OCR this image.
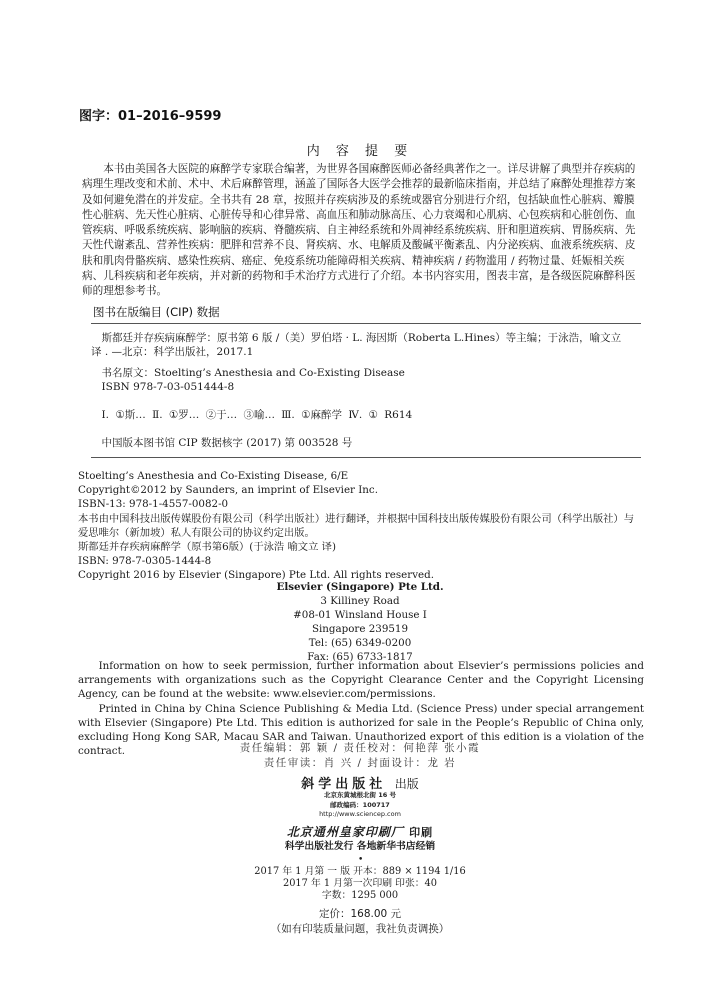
图字：01–2016–9599
内 容 提 要

本书由美国各大医院的麻醉学专家联合编著，为世界各国麻醉医师必备经典著作之一。详尽讲解了典型并存疾病的病理生理改变和术前、术中、术后麻醉管理，涵盖了国际各大医学会推荐的最新临床指南，并总结了麻醉处理推荐方案及如何避免潜在的并发症。全书共有 28 章，按照并存疾病涉及的系统或器官分别进行介绍，包括缺血性心脏病、瓣膜性心脏病、先天性心脏病、心脏传导和心律异常、高血压和肺动脉高压、心力衰竭和心肌病、心包疾病和心脏创伤、血管疾病、呼吸系统疾病、影响脑的疾病、脊髓疾病、自主神经系统和外周神经系统疾病、肝和胆道疾病、胃肠疾病、先天性代谢紊乱、营养性疾病：肥胖和营养不良、肾疾病、水、电解质及酸碱平衡紊乱、内分泌疾病、血液系统疾病、皮肤和肌肉骨骼疾病、感染性疾病、癌症、免疫系统功能障碍相关疾病、精神疾病 / 药物滥用 / 药物过量、妊娠相关疾病、儿科疾病和老年疾病，并对新的药物和手术治疗方式进行了介绍。本书内容实用，图表丰富，是各级医院麻醉科医师的理想参考书。

图书在版编目 (CIP) 数据
斯都廷并存疾病麻醉学：原书第 6 版 /（美）罗伯塔 · L. 海因斯（Roberta L.Hines）等主编；于泳浩，喻文立
译 . —北京：科学出版社，2017.1
书名原文：Stoelting’s Anesthesia and Co-Existing Disease
ISBN 978-7-03-051444-8
Ⅰ. ①斯… Ⅱ. ①罗… ②于… ③喻… Ⅲ. ①麻醉学 Ⅳ. ① R614
中国版本图书馆 CIP 数据核字 (2017) 第 003528 号
Stoelting’s Anesthesia and Co-Existing Disease, 6/E
Copyright©2012 by Saunders, an imprint of Elsevier Inc.
ISBN-13: 978-1-4557-0082-0
本书由中国科技出版传媒股份有限公司（科学出版社）进行翻译，并根据中国科技出版传媒股份有限公司（科学出版社）与
爱思唯尔（新加坡）私人有限公司的协议约定出版。
斯都廷并存疾病麻醉学（原书第6版）(于泳浩 喻文立 译)
ISBN: 978-7-0305-1444-8
Copyright 2016 by Elsevier (Singapore) Pte Ltd. All rights reserved.
Elsevier (Singapore) Pte Ltd.
3 Killiney Road
#08-01 Winsland House I
Singapore 239519
Tel: (65) 6349-0200
Fax: (65) 6733-1817

Information on how to seek permission, further information about Elsevier’s permissions policies and arrangements with organizations such as the Copyright Clearance Center and the Copyright Licensing Agency, can be found at the website: www.elsevier.com/permissions.

Printed in China by China Science Publishing & Media Ltd. (Science Press) under special arrangement with Elsevier (Singapore) Pte Ltd. This edition is authorized for sale in the People’s Republic of China only, excluding Hong Kong SAR, Macau SAR and Taiwan. Unauthorized export of this edition is a violation of the contract.	责任编辑：郭 颖 / 责任校对：何艳萍 张小霞
责任审读：肖 兴 / 封面设计：龙 岩
斜学出版社 出版
北京东黄城根北街 16 号
邮政编码：100717
http://www.sciencep.com
北京通州皇家印刷厂 印刷
科学出版社发行 各地新华书店经销
•
2017 年 1 月第 一 版 开本：889 × 1194 1/16
2017 年 1 月第一次印刷 印张：40
字数：1295 000
定价：168.00 元
（如有印装质量问题，我社负责调换）
